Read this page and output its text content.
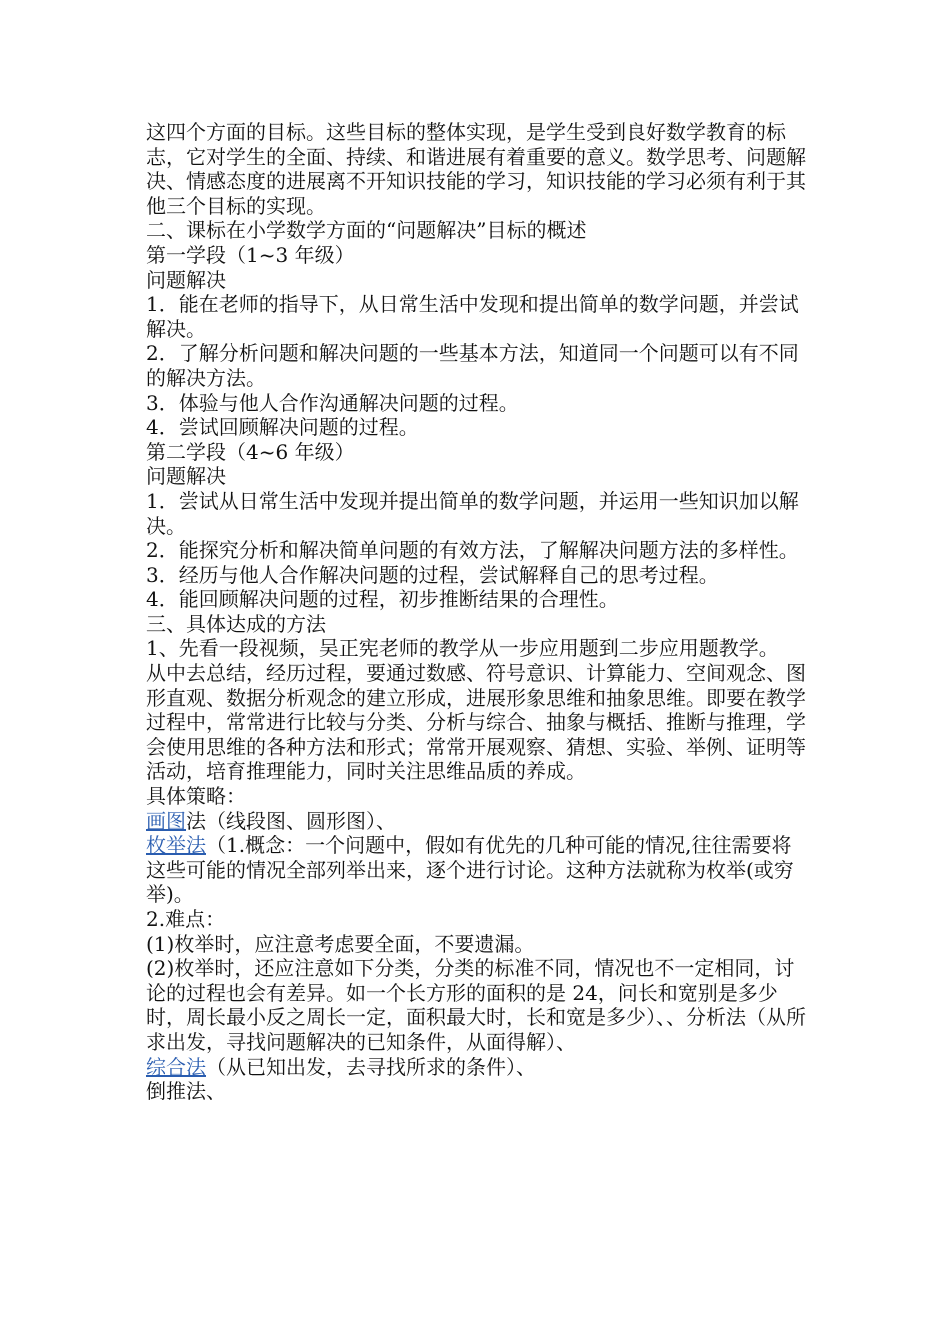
这四个方面的目标。这些目标的整体实现，是学生受到良好数学教育的标志，它对学生的全面、持续、和谐进展有着重要的意义。数学思考、问题解决、情感态度的进展离不开知识技能的学习，知识技能的学习必须有利于其他三个目标的实现。

二、课标在小学数学方面的“问题解决”目标的概述

第一学段（1~3 年级）

问题解决

1．能在老师的指导下，从日常生活中发现和提出简单的数学问题，并尝试解决。

2．了解分析问题和解决问题的一些基本方法，知道同一个问题可以有不同的解决方法。

3．体验与他人合作沟通解决问题的过程。

4．尝试回顾解决问题的过程。

第二学段（4~6 年级）

问题解决

1．尝试从日常生活中发现并提出简单的数学问题，并运用一些知识加以解决。

2．能探究分析和解决简单问题的有效方法，了解解决问题方法的多样性。

3．经历与他人合作解决问题的过程，尝试解释自己的思考过程。

4．能回顾解决问题的过程，初步推断结果的合理性。

三、具体达成的方法

1、先看一段视频，吴正宪老师的教学从一步应用题到二步应用题教学。

从中去总结，经历过程，要通过数感、符号意识、计算能力、空间观念、图形直观、数据分析观念的建立形成，进展形象思维和抽象思维。即要在教学过程中，常常进行比较与分类、分析与综合、抽象与概括、推断与推理，学会使用思维的各种方法和形式；常常开展观察、猜想、实验、举例、证明等活动，培育推理能力，同时关注思维品质的养成。

具体策略：

画图法（线段图、圆形图）、

枚举法（1.概念：一个问题中，假如有优先的几种可能的情况,往往需要将这些可能的情况全部列举出来，逐个进行讨论。这种方法就称为枚举(或穷举)。

2.难点：

(1)枚举时，应注意考虑要全面，不要遗漏。

(2)枚举时，还应注意如下分类，分类的标准不同，情况也不一定相同，讨论的过程也会有差异。如一个长方形的面积的是 24，问长和宽别是多少时，周长最小反之周长一定，面积最大时，长和宽是多少）、、分析法（从所求出发，寻找问题解决的已知条件，从面得解）、

综合法（从已知出发，去寻找所求的条件）、

倒推法、
